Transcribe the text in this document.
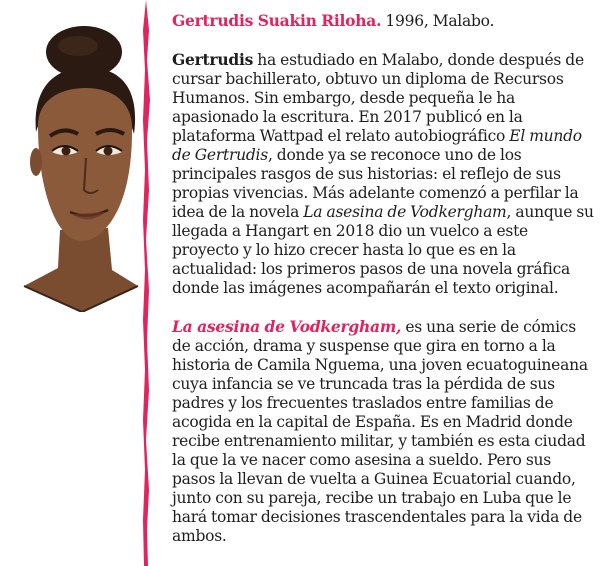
Gertrudis Suakin Riloha. 1996, Malabo.

Gertrudis ha estudiado en Malabo, donde después de cursar bachillerato, obtuvo un diploma de Recursos Humanos. Sin embargo, desde pequeña le ha apasionado la escritura. En 2017 publicó en la plataforma Wattpad el relato autobiográfico El mundo de Gertrudis, donde ya se reconoce uno de los principales rasgos de sus historias: el reflejo de sus propias vivencias. Más adelante comenzó a perfilar la idea de la novela La asesina de Vodkergham, aunque su llegada a Hangart en 2018 dio un vuelco a este proyecto y lo hizo crecer hasta lo que es en la actualidad: los primeros pasos de una novela gráfica donde las imágenes acompañarán el texto original.

La asesina de Vodkergham, es una serie de cómics de acción, drama y suspense que gira en torno a la historia de Camila Nguema, una joven ecuatoguineana cuya infancia se ve truncada tras la pérdida de sus padres y los frecuentes traslados entre familias de acogida en la capital de España. Es en Madrid donde recibe entrenamiento militar, y también es esta ciudad la que la ve nacer como asesina a sueldo. Pero sus pasos la llevan de vuelta a Guinea Ecuatorial cuando, junto con su pareja, recibe un trabajo en Luba que le hará tomar decisiones trascendentales para la vida de ambos.
